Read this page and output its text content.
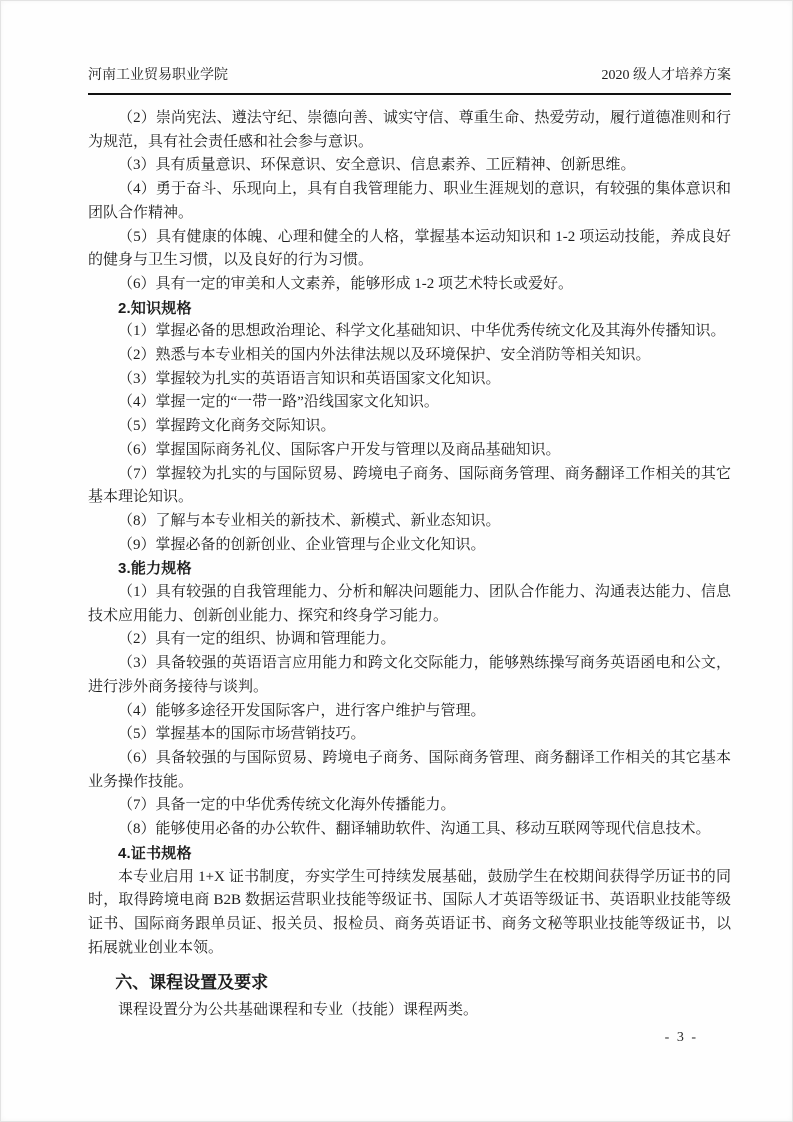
河南工业贸易职业学院	2020 级人才培养方案

（2）崇尚宪法、遵法守纪、崇德向善、诚实守信、尊重生命、热爱劳动，履行道德准则和行为规范，具有社会责任感和社会参与意识。

（3）具有质量意识、环保意识、安全意识、信息素养、工匠精神、创新思维。

（4）勇于奋斗、乐现向上，具有自我管理能力、职业生涯规划的意识，有较强的集体意识和团队合作精神。

（5）具有健康的体魄、心理和健全的人格，掌握基本运动知识和 1-2 项运动技能，养成良好的健身与卫生习惯，以及良好的行为习惯。

（6）具有一定的审美和人文素养，能够形成 1-2 项艺术特长或爱好。

2.知识规格

（1）掌握必备的思想政治理论、科学文化基础知识、中华优秀传统文化及其海外传播知识。

（2）熟悉与本专业相关的国内外法律法规以及环境保护、安全消防等相关知识。

（3）掌握较为扎实的英语语言知识和英语国家文化知识。

（4）掌握一定的“一带一路”沿线国家文化知识。

（5）掌握跨文化商务交际知识。

（6）掌握国际商务礼仪、国际客户开发与管理以及商品基础知识。

（7）掌握较为扎实的与国际贸易、跨境电子商务、国际商务管理、商务翻译工作相关的其它基本理论知识。

（8）了解与本专业相关的新技术、新模式、新业态知识。

（9）掌握必备的创新创业、企业管理与企业文化知识。

3.能力规格

（1）具有较强的自我管理能力、分析和解决问题能力、团队合作能力、沟通表达能力、信息技术应用能力、创新创业能力、探究和终身学习能力。

（2）具有一定的组织、协调和管理能力。

（3）具备较强的英语语言应用能力和跨文化交际能力，能够熟练操写商务英语函电和公文，进行涉外商务接待与谈判。

（4）能够多途径开发国际客户，进行客户维护与管理。

（5）掌握基本的国际市场营销技巧。

（6）具备较强的与国际贸易、跨境电子商务、国际商务管理、商务翻译工作相关的其它基本业务操作技能。

（7）具备一定的中华优秀传统文化海外传播能力。

（8）能够使用必备的办公软件、翻译辅助软件、沟通工具、移动互联网等现代信息技术。

4.证书规格

本专业启用 1+X 证书制度，夯实学生可持续发展基础，鼓励学生在校期间获得学历证书的同时，取得跨境电商 B2B 数据运营职业技能等级证书、国际人才英语等级证书、英语职业技能等级证书、国际商务跟单员证、报关员、报检员、商务英语证书、商务文秘等职业技能等级证书，以拓展就业创业本领。

六、课程设置及要求

课程设置分为公共基础课程和专业（技能）课程两类。

- 3 -
